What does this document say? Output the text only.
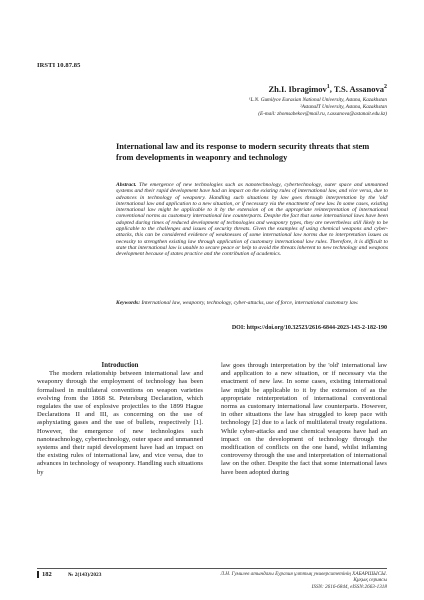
IRSTI 10.87.85
Zh.I. Ibragimov$^1$, T.S. Assanova$^2$
¹L.N. Gumilyov Eurasian National University, Astana, Kazakhstan
²AstanaIT University, Astana, Kazakhstan
(E-mail: zhomsabekov@mail.ru, t.assanova@astanait.edu.kz)
International law and its response to modern security threats that stem from developments in weaponry and technology
Abstract. The emergence of new technologies such as nanotechnology, cybertechnology, outer space and unmanned systems and their rapid development have had an impact on the existing rules of international law, and vice versa, due to advances in technology of weaponry. Handling such situations by law goes through interpretation by the 'old' international law and application to a new situation, or if necessary via the enactment of new law. In some cases, existing international law might be applicable to it by the extension of on the appropriate reinterpretation of international conventional norms as customary international law counterparts. Despite the fact that some international laws have been adopted during times of reduced development of technologies and weaponry types, they are nevertheless still likely to be applicable to the challenges and issues of security threats. Given the examples of using chemical weapons and cyber-attacks, this can be considered evidence of weaknesses of some international law norms due to interpretation issues as necessity to strengthen existing law through application of customary international law rules. Therefore, it is difficult to state that international law is unable to secure peace or help to avoid the threats inherent to new technology and weapons development because of states practice and the contribution of academics.
Keywords: International law, weaponry, technology, cyber-attacks, use of force, international customary law.
DOI: https://doi.org/10.32523/2616-6844-2023-143-2-182-190
Introduction

The modern relationship between international law and weaponry through the employment of technology has been formalised in multilateral conventions on weapon varieties evolving from the 1868 St. Petersburg Declaration, which regulates the use of explosive projectiles to the 1899 Hague Declarations II and III, as concerning on the use of asphyxiating gases and the use of bullets, respectively [1]. However, the emergence of new technologies such nanoteachnology, cybertechnology, outer space and unmanned systems and their rapid development have had an impact on the existing rules of international law, and vice versa, due to advances in technology of weaponry. Handling such situations by

law goes through interpretation by the 'old' international law and application to a new situation, or if necessary via the enactment of new law. In some cases, existing international law might be applicable to it by the extension of as the appropriate reinterpretation of international conventional norms as customary international law counterparts. However, in other situations the law has struggled to keep pace with technology [2] due to a lack of multilateral treaty regulations. While cyber-attacks and use chemical weapons have had an impact on the development of technology through the modification of conflicts on the one hand, whilst inflaming controversy through the use and interpretation of international law on the other. Despite the fact that some international laws have been adopted during

182	№ 2(143)/2023	Л.Н. Гумилев атындағы Еуразия ұлттық университетінің ХАБАРШЫСЫ. Құқық сериясы
ISSN: 2616-6844, eISSN:2663-1318
